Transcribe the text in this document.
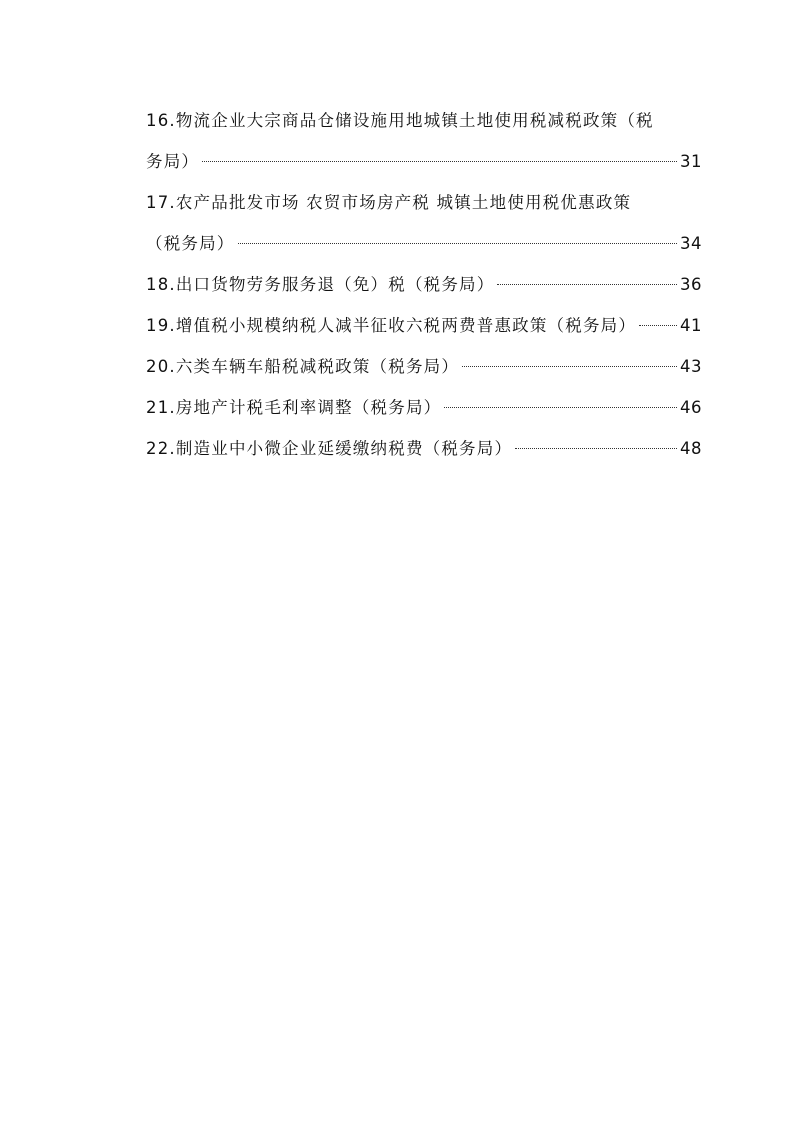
16.物流企业大宗商品仓储设施用地城镇土地使用税减税政策（税
务局）	31
17.农产品批发市场 农贸市场房产税 城镇土地使用税优惠政策
（税务局）	34
18.出口货物劳务服务退（免）税（税务局）	36
19.增值税小规模纳税人减半征收六税两费普惠政策（税务局）	41
20.六类车辆车船税减税政策（税务局）	43
21.房地产计税毛利率调整（税务局）	46
22.制造业中小微企业延缓缴纳税费（税务局）	48
